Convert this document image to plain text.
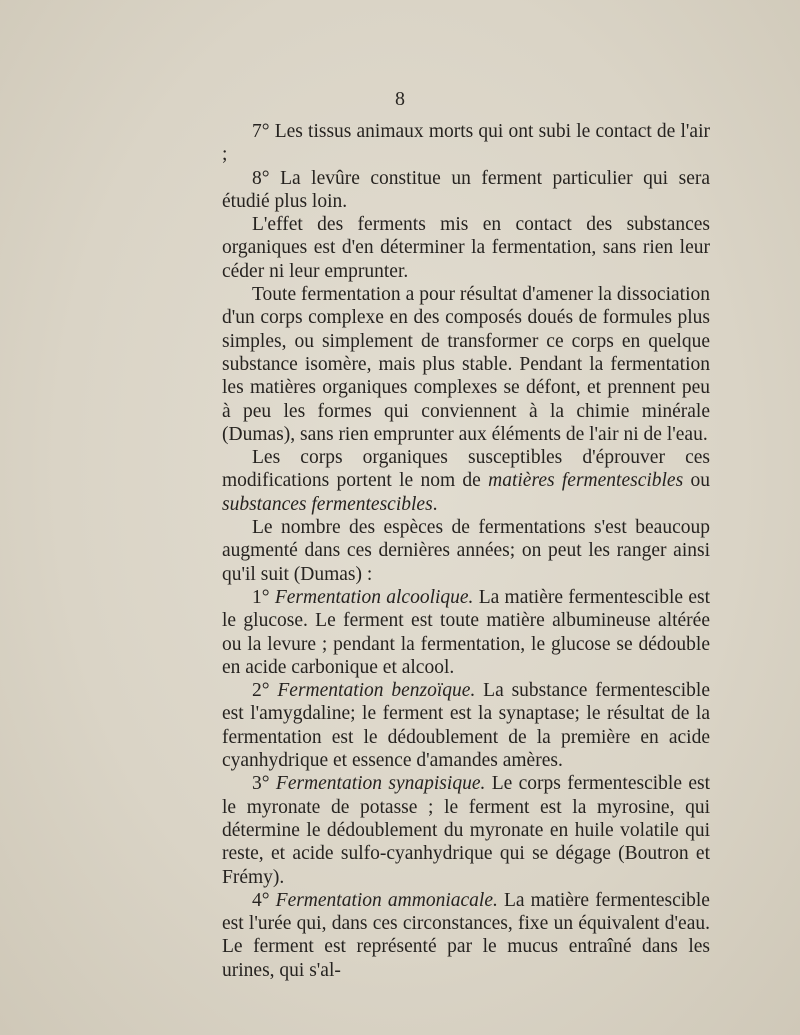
8

7° Les tissus animaux morts qui ont subi le contact de l'air ;

8° La levûre constitue un ferment particulier qui sera étudié plus loin.

L'effet des ferments mis en contact des substances organiques est d'en déterminer la fermentation, sans rien leur céder ni leur emprunter.

Toute fermentation a pour résultat d'amener la dissociation d'un corps complexe en des composés doués de formules plus simples, ou simplement de transformer ce corps en quelque substance isomère, mais plus stable. Pendant la fermentation les matières organiques complexes se défont, et prennent peu à peu les formes qui conviennent à la chimie minérale (Dumas), sans rien emprunter aux éléments de l'air ni de l'eau.

Les corps organiques susceptibles d'éprouver ces modifications portent le nom de matières fermentescibles ou substances fermentescibles.

Le nombre des espèces de fermentations s'est beaucoup augmenté dans ces dernières années; on peut les ranger ainsi qu'il suit (Dumas) :

1° Fermentation alcoolique. La matière fermentescible est le glucose. Le ferment est toute matière albumineuse altérée ou la levure ; pendant la fermentation, le glucose se dédouble en acide carbonique et alcool.

2° Fermentation benzoïque. La substance fermentescible est l'amygdaline; le ferment est la synaptase; le résultat de la fermentation est le dédoublement de la première en acide cyanhydrique et essence d'amandes amères.

3° Fermentation synapisique. Le corps fermentescible est le myronate de potasse ; le ferment est la myrosine, qui détermine le dédoublement du myronate en huile volatile qui reste, et acide sulfo-cyanhydrique qui se dégage (Boutron et Frémy).

4° Fermentation ammoniacale. La matière fermentescible est l'urée qui, dans ces circonstances, fixe un équivalent d'eau. Le ferment est représenté par le mucus entraîné dans les urines, qui s'al-
